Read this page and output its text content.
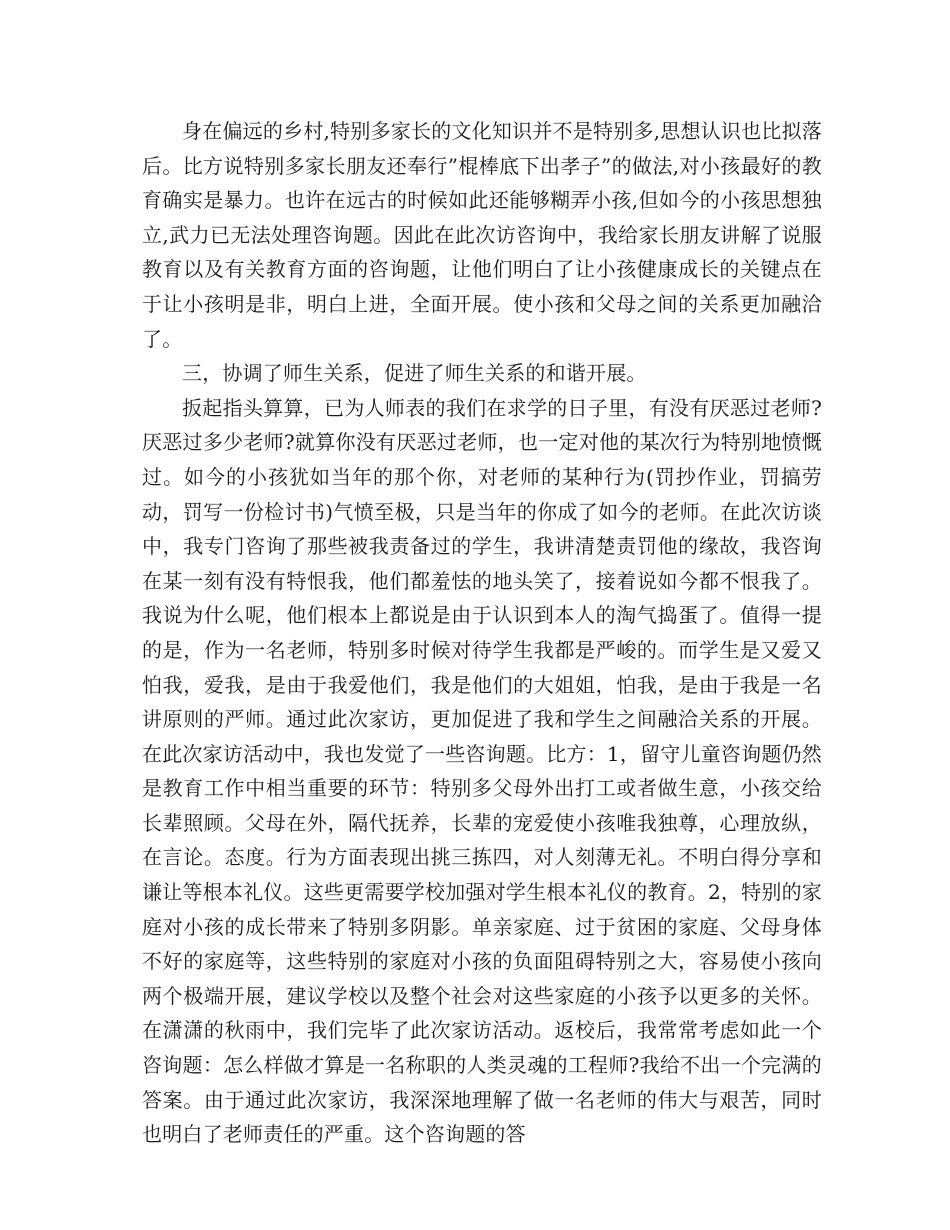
身在偏远的乡村,特别多家长的文化知识并不是特别多,思想认识也比拟落后。比方说特别多家长朋友还奉行”棍棒底下出孝子”的做法,对小孩最好的教育确实是暴力。也许在远古的时候如此还能够糊弄小孩,但如今的小孩思想独立,武力已无法处理咨询题。因此在此次访咨询中，我给家长朋友讲解了说服教育以及有关教育方面的咨询题，让他们明白了让小孩健康成长的关键点在于让小孩明是非，明白上进，全面开展。使小孩和父母之间的关系更加融洽了。

三，协调了师生关系，促进了师生关系的和谐开展。

扳起指头算算，已为人师表的我们在求学的日子里，有没有厌恶过老师?厌恶过多少老师?就算你没有厌恶过老师，也一定对他的某次行为特别地愤慨过。如今的小孩犹如当年的那个你，对老师的某种行为(罚抄作业，罚搞劳动，罚写一份检讨书)气愤至极，只是当年的你成了如今的老师。在此次访谈中，我专门咨询了那些被我责备过的学生，我讲清楚责罚他的缘故，我咨询在某一刻有没有特恨我，他们都羞怯的地头笑了，接着说如今都不恨我了。我说为什么呢，他们根本上都说是由于认识到本人的淘气捣蛋了。值得一提的是，作为一名老师，特别多时候对待学生我都是严峻的。而学生是又爱又怕我，爱我，是由于我爱他们，我是他们的大姐姐，怕我，是由于我是一名讲原则的严师。通过此次家访，更加促进了我和学生之间融洽关系的开展。在此次家访活动中，我也发觉了一些咨询题。比方：1，留守儿童咨询题仍然是教育工作中相当重要的环节：特别多父母外出打工或者做生意，小孩交给长辈照顾。父母在外，隔代抚养，长辈的宠爱使小孩唯我独尊，心理放纵，在言论。态度。行为方面表现出挑三拣四，对人刻薄无礼。不明白得分享和谦让等根本礼仪。这些更需要学校加强对学生根本礼仪的教育。2，特别的家庭对小孩的成长带来了特别多阴影。单亲家庭、过于贫困的家庭、父母身体不好的家庭等，这些特别的家庭对小孩的负面阻碍特别之大，容易使小孩向两个极端开展，建议学校以及整个社会对这些家庭的小孩予以更多的关怀。在潇潇的秋雨中，我们完毕了此次家访活动。返校后，我常常考虑如此一个咨询题：怎么样做才算是一名称职的人类灵魂的工程师?我给不出一个完满的答案。由于通过此次家访，我深深地理解了做一名老师的伟大与艰苦，同时也明白了老师责任的严重。这个咨询题的答
